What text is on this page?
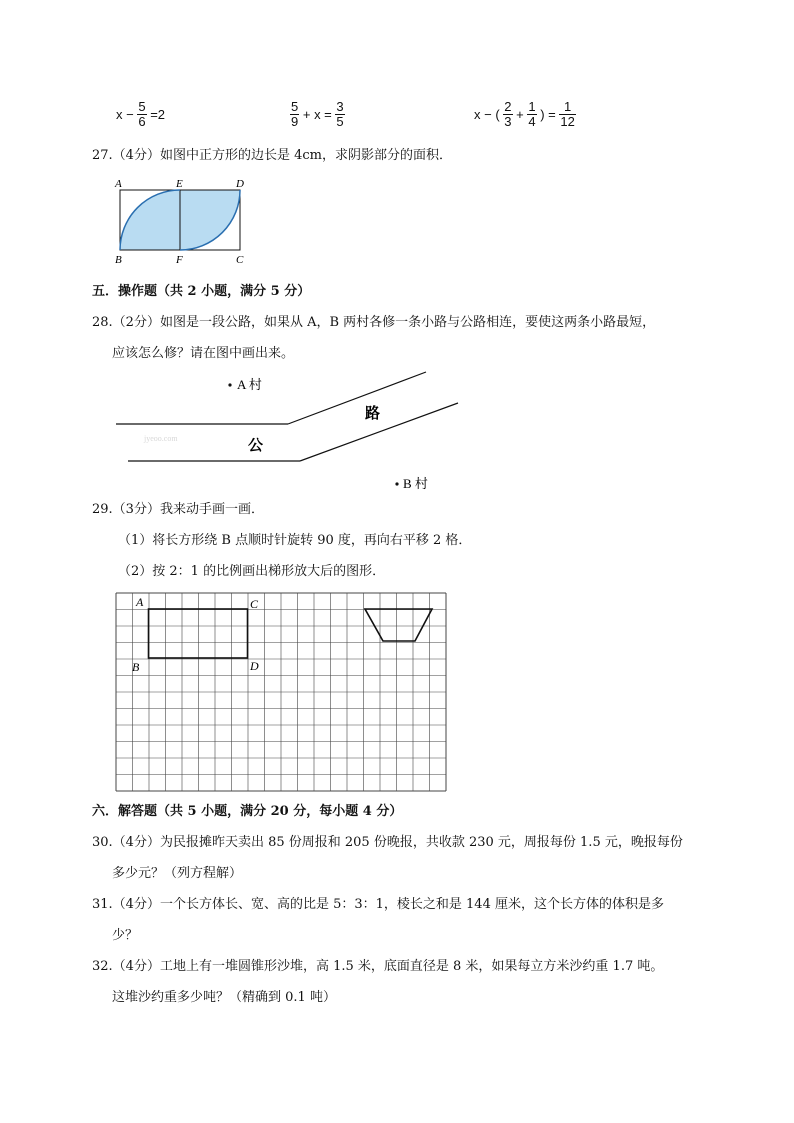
$x - \frac{5}{6} =2$	$\frac{5}{9} + x = \frac{3}{5}$	x − ( $\frac{2}{3} + \frac{1}{4}$ ) = $\frac{1}{12}$
27.（4分）如图中正方形的边长是 4cm，求阴影部分的面积．
A	E	D
B	F	C
五．操作题（共 2 小题，满分 5 分）
28.（2分）如图是一段公路，如果从 A，B 两村各修一条小路与公路相连，要使这两条小路最短，
应该怎么修？请在图中画出来。
A 村
B 村
公
路
jyeoo.com
29.（3分）我来动手画一画．
（1）将长方形绕 B 点顺时针旋转 90 度，再向右平移 2 格．
（2）按 2：1 的比例画出梯形放大后的图形．
A	C
B	D
六．解答题（共 5 小题，满分 20 分，每小题 4 分）
30.（4分）为民报摊昨天卖出 85 份周报和 205 份晚报，共收款 230 元，周报每份 1.5 元，晚报每份
多少元？（列方程解）
31.（4分）一个长方体长、宽、高的比是 5：3：1，棱长之和是 144 厘米，这个长方体的体积是多
少？
32.（4分）工地上有一堆圆锥形沙堆，高 1.5 米，底面直径是 8 米，如果每立方米沙约重 1.7 吨。
这堆沙约重多少吨？（精确到 0.1 吨）
